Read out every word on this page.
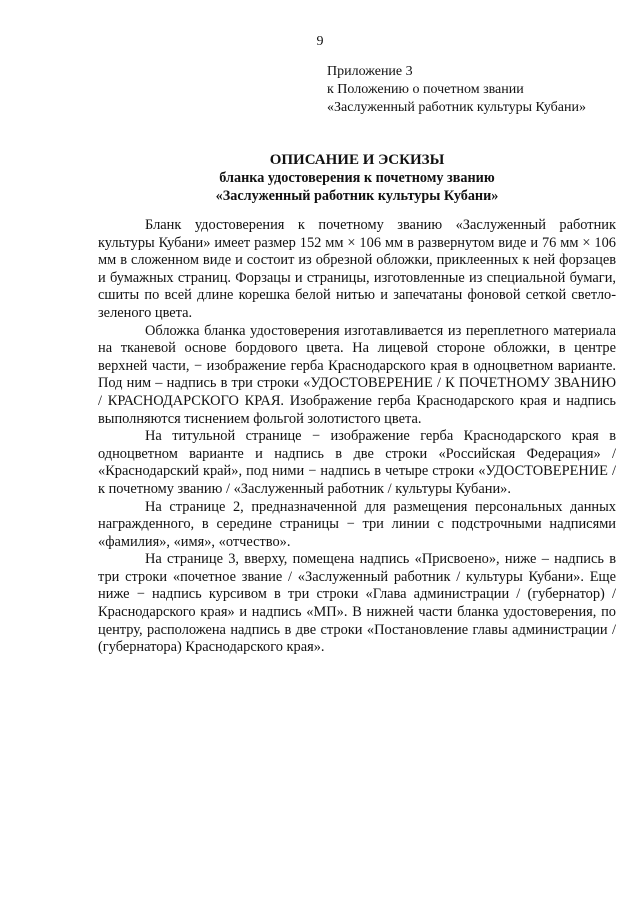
9
Приложение 3
к Положению о почетном звании
«Заслуженный работник культуры Кубани»
ОПИСАНИЕ И ЭСКИЗЫ
бланка удостоверения к почетному званию
«Заслуженный работник культуры Кубани»

Бланк удостоверения к почетному званию «Заслуженный работник культуры Кубани» имеет размер 152 мм × 106 мм в развернутом виде и 76 мм × 106 мм в сложенном виде и состоит из обрезной обложки, приклеенных к ней форзацев и бумажных страниц. Форзацы и страницы, изготовленные из специальной бумаги, сшиты по всей длине корешка белой нитью и запечатаны фоновой сеткой светло-зеленого цвета.

Обложка бланка удостоверения изготавливается из переплетного материала на тканевой основе бордового цвета. На лицевой стороне обложки, в центре верхней части, − изображение герба Краснодарского края в одноцветном варианте. Под ним – надпись в три строки «УДОСТОВЕРЕНИЕ / К ПОЧЕТНОМУ ЗВАНИЮ / КРАСНОДАРСКОГО КРАЯ. Изображение герба Краснодарского края и надпись выполняются тиснением фольгой золотистого цвета.

На титульной странице − изображение герба Краснодарского края в одноцветном варианте и надпись в две строки «Российская Федерация» / «Краснодарский край», под ними − надпись в четыре строки «УДОСТОВЕРЕНИЕ / к почетному званию / «Заслуженный работник / культуры Кубани».

На странице 2, предназначенной для размещения персональных данных награжденного, в середине страницы − три линии с подстрочными надписями «фамилия», «имя», «отчество».

На странице 3, вверху, помещена надпись «Присвоено», ниже – надпись в три строки «почетное звание / «Заслуженный работник / культуры Кубани». Еще ниже − надпись курсивом в три строки «Глава администрации / (губернатор) / Краснодарского края» и надпись «МП». В нижней части бланка удостоверения, по центру, расположена надпись в две строки «Постановление главы администрации / (губернатора) Краснодарского края».
